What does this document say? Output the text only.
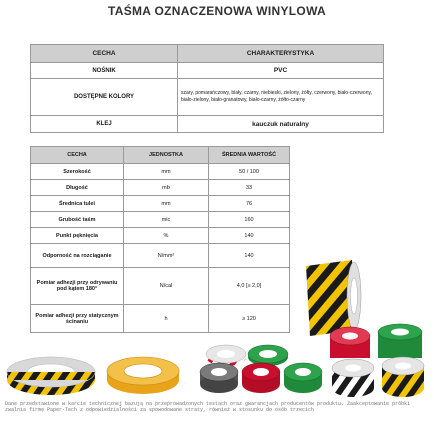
TAŚMA OZNACZENOWA WINYLOWA
CECHA	CHARAKTERYSTYKA
NOŚNIK	PVC
DOSTĘPNE KOLORY	szary, pomarańczowy, biały, czarny, niebieski, zielony, żółty, czerwony, biało-czerwony, biało-zielony, biało-granatowy, biało-czarny, żółto-czarny
KLEJ	kauczuk naturalny
CECHA	JEDNOSTKA	ŚREDNIA WARTOŚĆ
Szerokość	mm	50 / 100
Długość	mb	33
Średnica tulei	mm	76
Grubość taśm	mic	160
Punkt pęknięcia	%	140
Odporność na rozciąganie	N/mm²	140
Pomiar adhezji przy odrywaniu pod kątem 180°	N/cal	4,0 [≥ 2,0]
Pomiar adhezji przy statycznym ścinaniu	h	≥ 120
Dane przedstawione w karcie technicznej bazują na przeprowadzonych testach oraz gwarancjach producentów produktu. Zaakceptowanie próbki zwalnia firmę Paper-Tech z odpowiedzialności za spowodowane straty, również w stosunku do osób trzecich
